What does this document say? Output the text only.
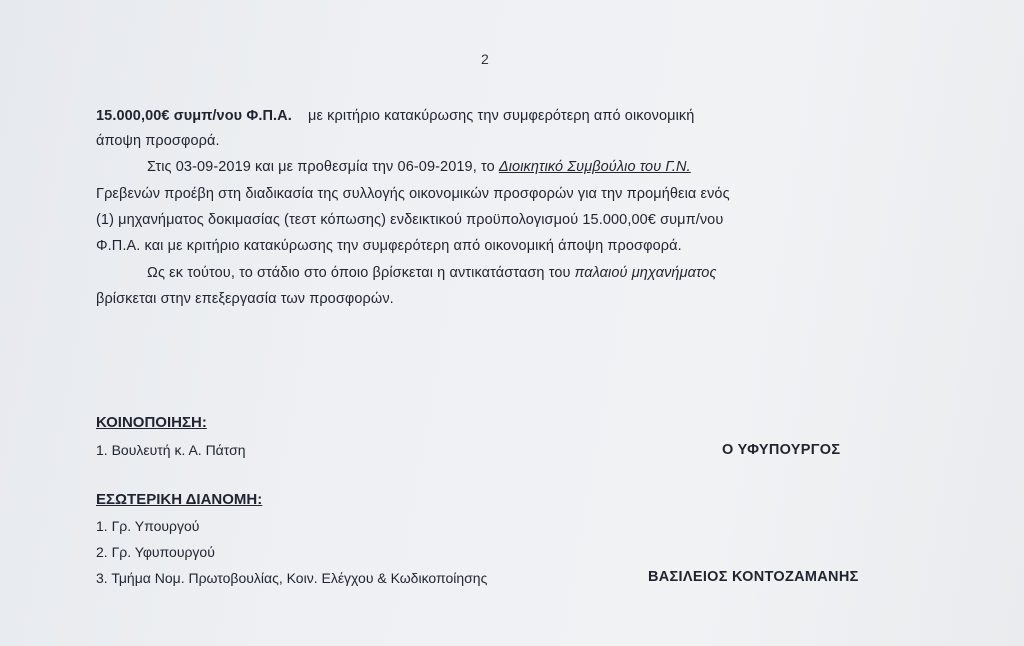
2
15.000,00€ συμπ/νου Φ.Π.Α. με κριτήριο κατακύρωσης την συμφερότερη από οικονομική
άποψη προσφορά.
Στις 03-09-2019 και με προθεσμία την 06-09-2019, το Διοικητικό Συμβούλιο του Γ.Ν.
Γρεβενών προέβη στη διαδικασία της συλλογής οικονομικών προσφορών για την προμήθεια ενός
(1) μηχανήματος δοκιμασίας (τεστ κόπωσης) ενδεικτικού προϋπολογισμού 15.000,00€ συμπ/νου
Φ.Π.Α. και με κριτήριο κατακύρωσης την συμφερότερη από οικονομική άποψη προσφορά.
Ως εκ τούτου, το στάδιο στο όποιο βρίσκεται η αντικατάσταση του παλαιού μηχανήματος
βρίσκεται στην επεξεργασία των προσφορών.
ΚΟΙΝΟΠΟΙΗΣΗ:
1. Βουλευτή κ. Α. Πάτση	Ο ΥΦΥΠΟΥΡΓΟΣ
ΕΣΩΤΕΡΙΚΗ ΔΙΑΝΟΜΗ:
1. Γρ. Υπουργού
2. Γρ. Υφυπουργού
3. Τμήμα Νομ. Πρωτοβουλίας, Κοιν. Ελέγχου & Κωδικοποίησης	ΒΑΣΙΛΕΙΟΣ ΚΟΝΤΟΖΑΜΑΝΗΣ
